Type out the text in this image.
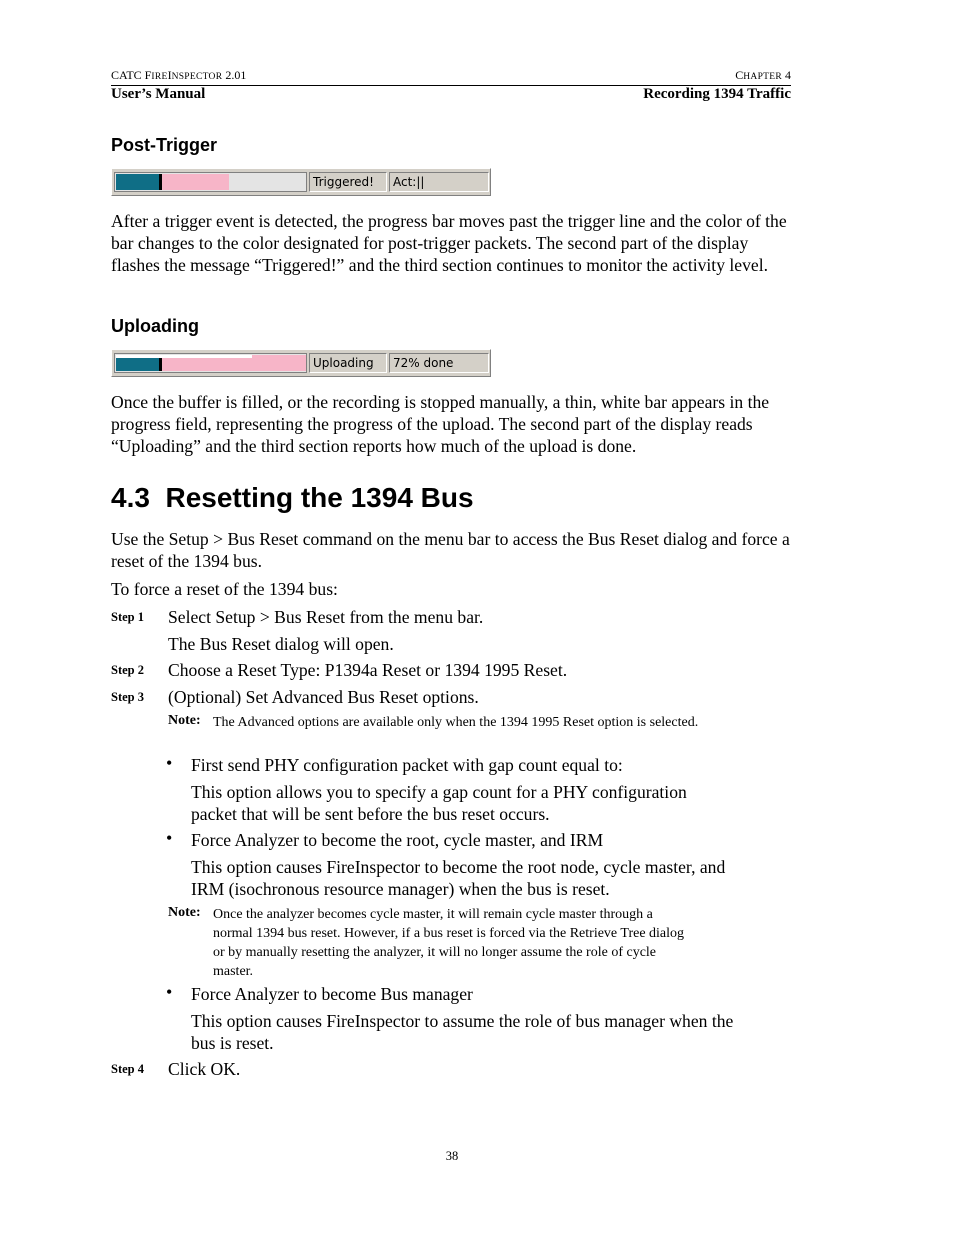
CATC FIREINSPECTOR 2.01	CHAPTER 4
User’s Manual	Recording 1394 Traffic
Post-Trigger
Triggered!	Act:||

After a trigger event is detected, the progress bar moves past the trigger line and the color of the bar changes to the color designated for post-trigger packets. The second part of the display flashes the message “Triggered!” and the third section continues to monitor the activity level.

Uploading
Uploading	72% done

Once the buffer is filled, or the recording is stopped manually, a thin, white bar appears in the progress field, representing the progress of the upload. The second part of the display reads “Uploading” and the third section reports how much of the upload is done.

4.3  Resetting the 1394 Bus

Use the Setup > Bus Reset command on the menu bar to access the Bus Reset dialog and force a reset of the 1394 bus.

To force a reset of the 1394 bus:

Step 1 Select Setup > Bus Reset from the menu bar.
The Bus Reset dialog will open.
Step 2 Choose a Reset Type: P1394a Reset or 1394 1995 Reset.
Step 3 (Optional) Set Advanced Bus Reset options.
Note: The Advanced options are available only when the 1394 1995 Reset option is selected.

• First send PHY configuration packet with gap count equal to:

This option allows you to specify a gap count for a PHY configuration packet that will be sent before the bus reset occurs.

• Force Analyzer to become the root, cycle master, and IRM

This option causes FireInspector to become the root node, cycle master, and IRM (isochronous resource manager) when the bus is reset.

Note: Once the analyzer becomes cycle master, it will remain cycle master through a normal 1394 bus reset. However, if a bus reset is forced via the Retrieve Tree dialog or by manually resetting the analyzer, it will no longer assume the role of cycle master.

• Force Analyzer to become Bus manager

This option causes FireInspector to assume the role of bus manager when the bus is reset.

Step 4 Click OK.
38
